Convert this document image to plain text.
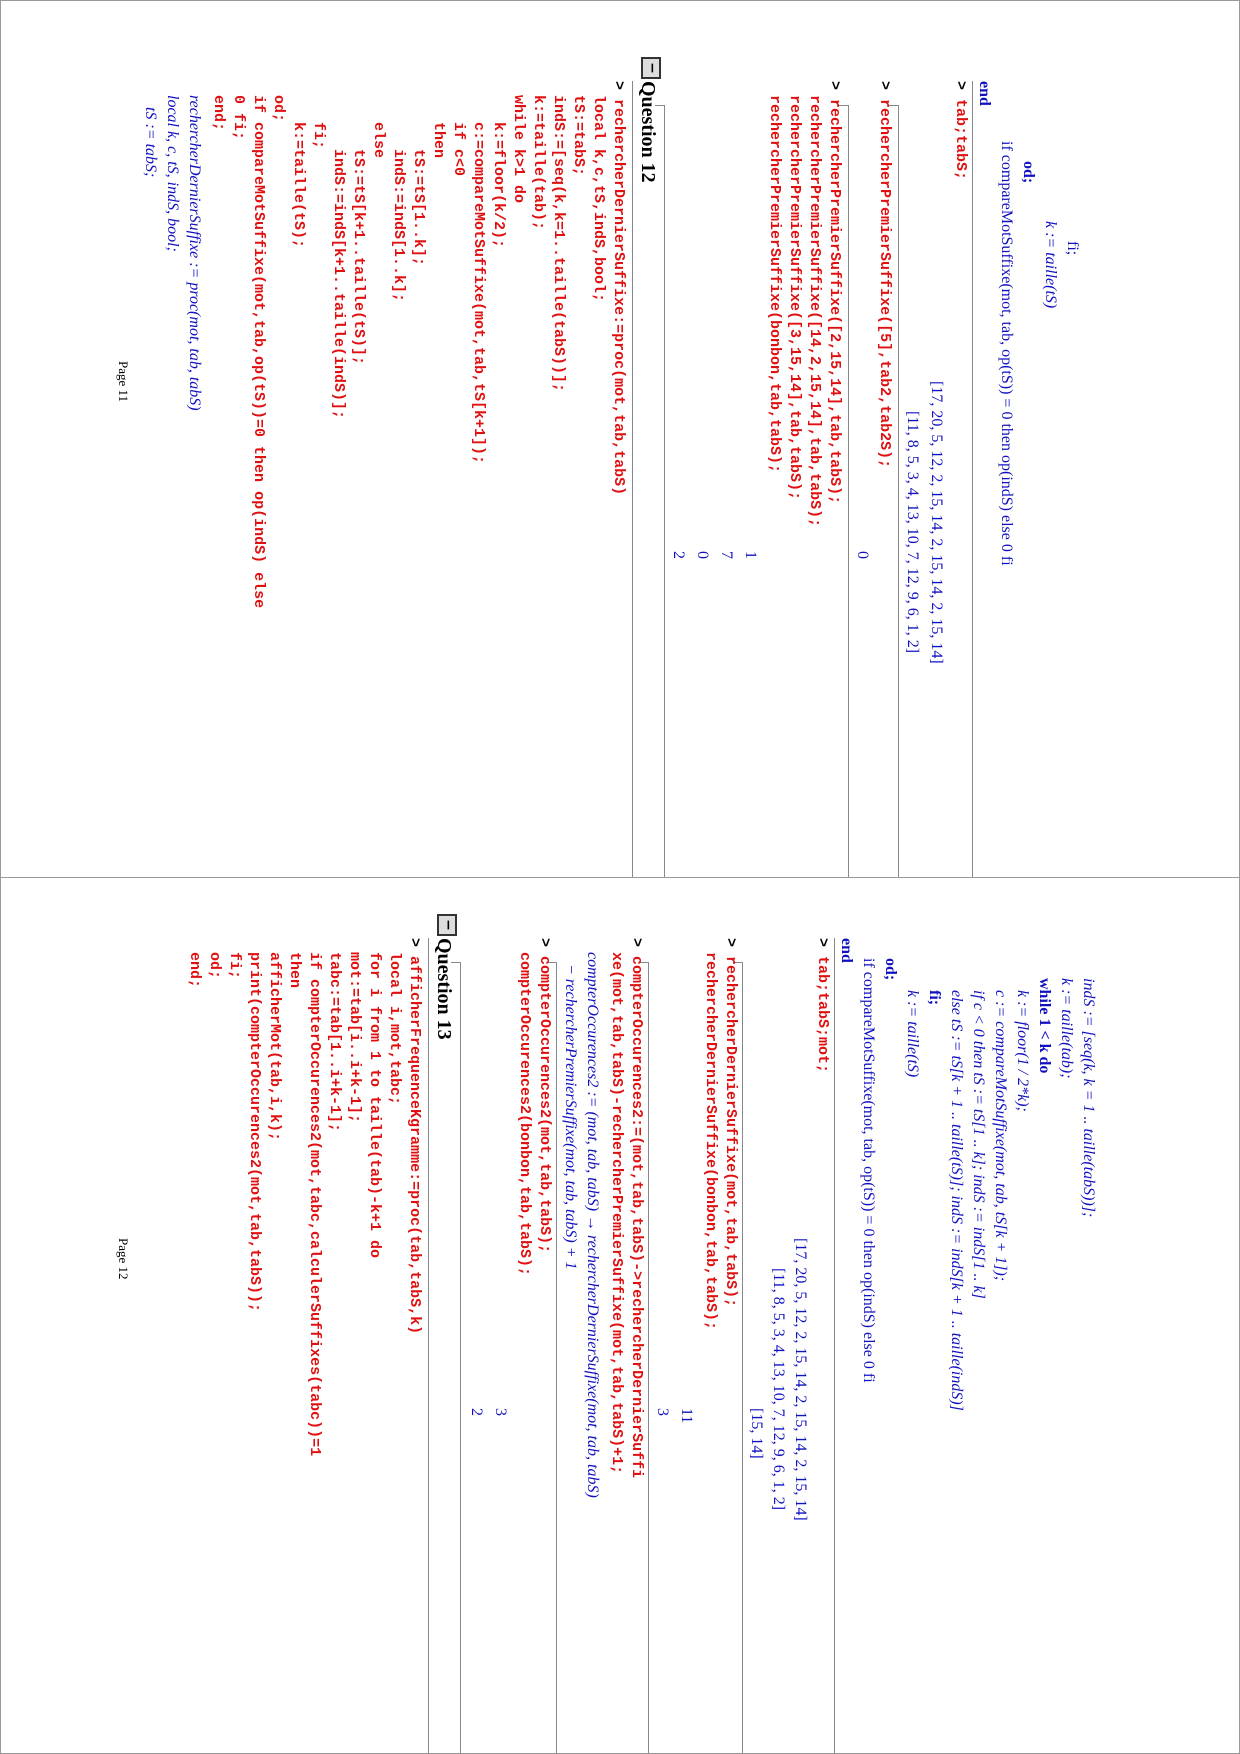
fi;
k := taille(tS)
od;
if compareMotSuffixe(mot, tab, op(tS)) = 0 then op(indS) else 0 fi
end
> tab;tabS;
[17, 20, 5, 12, 2, 15, 14, 2, 15, 14, 2, 15, 14]
[11, 8, 5, 3, 4, 13, 10, 7, 12, 9, 6, 1, 2]
> rechercherPremierSuffixe([5],tab2,tab2S);
0
> rechercherPremierSuffixe([2,15,14],tab,tabS);
rechercherPremierSuffixe([14,2,15,14],tab,tabS);
rechercherPremierSuffixe([3,15,14],tab,tabS);
rechercherPremierSuffixe(bonbon,tab,tabS);
1
7
0
2
−
Question 12
> rechercherDernierSuffixe:=proc(mot,tab,tabS)
local k,c,tS,indS,bool;
tS:=tabS;
indS:=[seq(k,k=1..taille(tabS))];
k:=taille(tab);
while k>1 do
k:=floor(k/2);
c:=compareMotSuffixe(mot,tab,tS[k+1]);
if c<0
then
tS:=tS[1..k];
indS:=indS[1..k];
else
tS:=tS[k+1..taille(tS)];
indS:=indS[k+1..taille(indS)];
fi;
k:=taille(tS);
od;
if compareMotSuffixe(mot,tab,op(tS))=0 then op(indS) else
0 fi;
end;
rechercherDernierSuffixe := proc(mot, tab, tabS)
local k, c, tS, indS, bool;
tS := tabS;
Page 11
indS := [seq(k, k = 1 .. taille(tabS))];
k := taille(tab);
while 1 < k do
k := floor(1 / 2*k);
c := compareMotSuffixe(mot, tab, tS[k + 1]);
if c < 0 then tS := tS[1 .. k]; indS := indS[1 .. k]
else tS := tS[k + 1 .. taille(tS)]; indS := indS[k + 1 .. taille(indS)]
fi;
k := taille(tS)
od;
if compareMotSuffixe(mot, tab, op(tS)) = 0 then op(indS) else 0 fi
end
> tab;tabS;mot;
[17, 20, 5, 12, 2, 15, 14, 2, 15, 14, 2, 15, 14]
[11, 8, 5, 3, 4, 13, 10, 7, 12, 9, 6, 1, 2]
[15, 14]
> rechercherDernierSuffixe(mot,tab,tabS);
rechercherDernierSuffixe(bonbon,tab,tabS);
11
3
> compterOccurences2:=(mot,tab,tabS)->rechercherDernierSuffi
xe(mot,tab,tabS)-rechercherPremierSuffixe(mot,tab,tabS)+1;
compterOccurences2 := (mot, tab, tabS) → rechercherDernierSuffixe(mot, tab, tabS)
− rechercherPremierSuffixe(mot, tab, tabS) + 1
> compterOccurences2(mot,tab,tabS);
compterOccurences2(bonbon,tab,tabS);
3
2
−
Question 13
> afficherFrequenceKgramme:=proc(tab,tabS,k)
local i,mot,tabc;
for i from 1 to taille(tab)-k+1 do
mot:=tab[i..i+k-1];
tabc:=tab[1..i+k-1];
if compterOccurences2(mot,tabc,calculerSuffixes(tabc))=1
then
afficherMot(tab,i,k);
print(compterOccurences2(mot,tab,tabS));
fi;
od;
end;
Page 12
